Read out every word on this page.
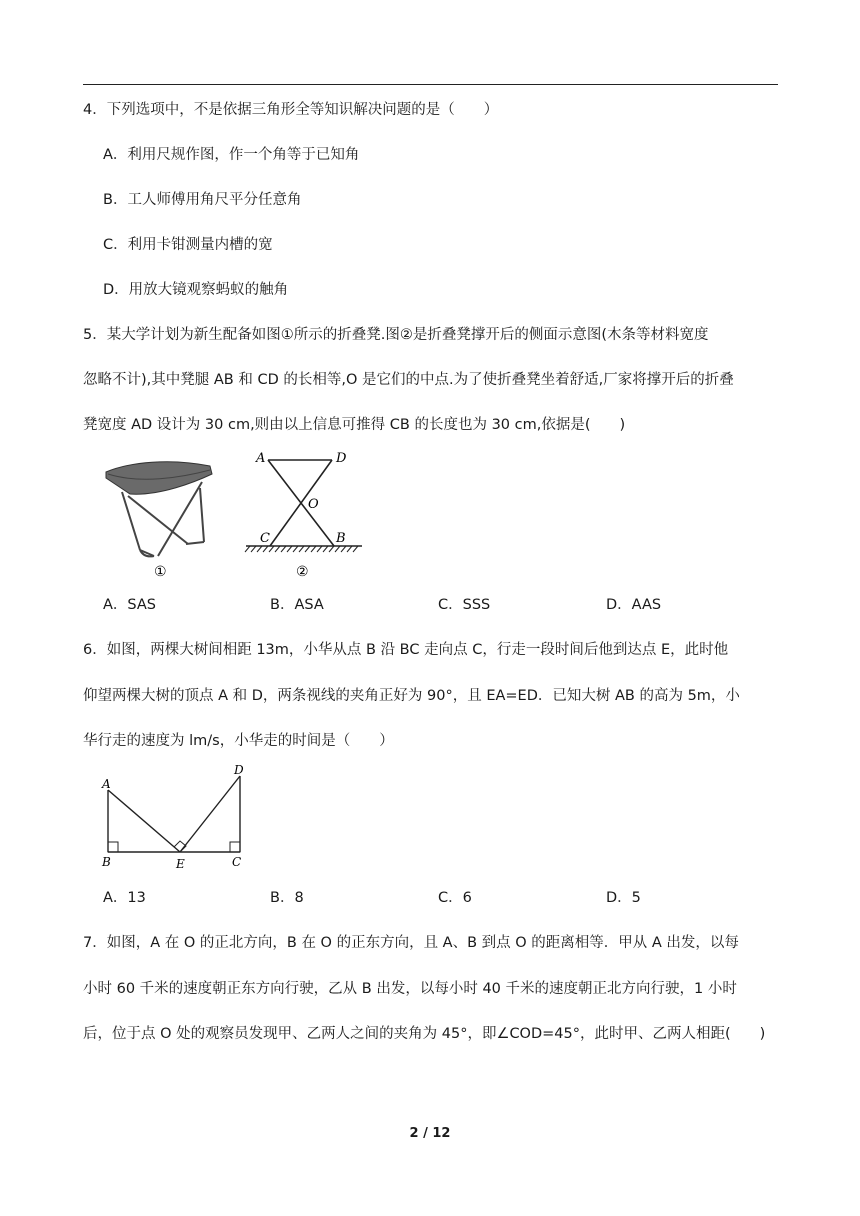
4．下列选项中，不是依据三角形全等知识解决问题的是（　　）
A．利用尺规作图，作一个角等于已知角
B．工人师傅用角尺平分任意角
C．利用卡钳测量内槽的宽
D．用放大镜观察蚂蚁的触角
5．某大学计划为新生配备如图①所示的折叠凳.图②是折叠凳撑开后的侧面示意图(木条等材料宽度
忽略不计),其中凳腿 AB 和 CD 的长相等,O 是它们的中点.为了使折叠凳坐着舒适,厂家将撑开后的折叠
凳宽度 AD 设计为 30 cm,则由以上信息可推得 CB 的长度也为 30 cm,依据是(　　)
①
A	D
O
C	B
②
A．SAS	B．ASA	C．SSS	D．AAS
6．如图，两棵大树间相距 13m，小华从点 B 沿 BC 走向点 C，行走一段时间后他到达点 E，此时他
仰望两棵大树的顶点 A 和 D，两条视线的夹角正好为 90°，且 EA=ED．已知大树 AB 的高为 5m，小
华行走的速度为 lm/s，小华走的时间是（　　）
A
D
B	E	C
A．13	B．8	C．6	D．5
7．如图，A 在 O 的正北方向，B 在 O 的正东方向，且 A、B 到点 O 的距离相等．甲从 A 出发，以每
小时 60 千米的速度朝正东方向行驶，乙从 B 出发，以每小时 40 千米的速度朝正北方向行驶，1 小时
后，位于点 O 处的观察员发现甲、乙两人之间的夹角为 45°，即∠COD=45°，此时甲、乙两人相距(　　)
2 / 12
